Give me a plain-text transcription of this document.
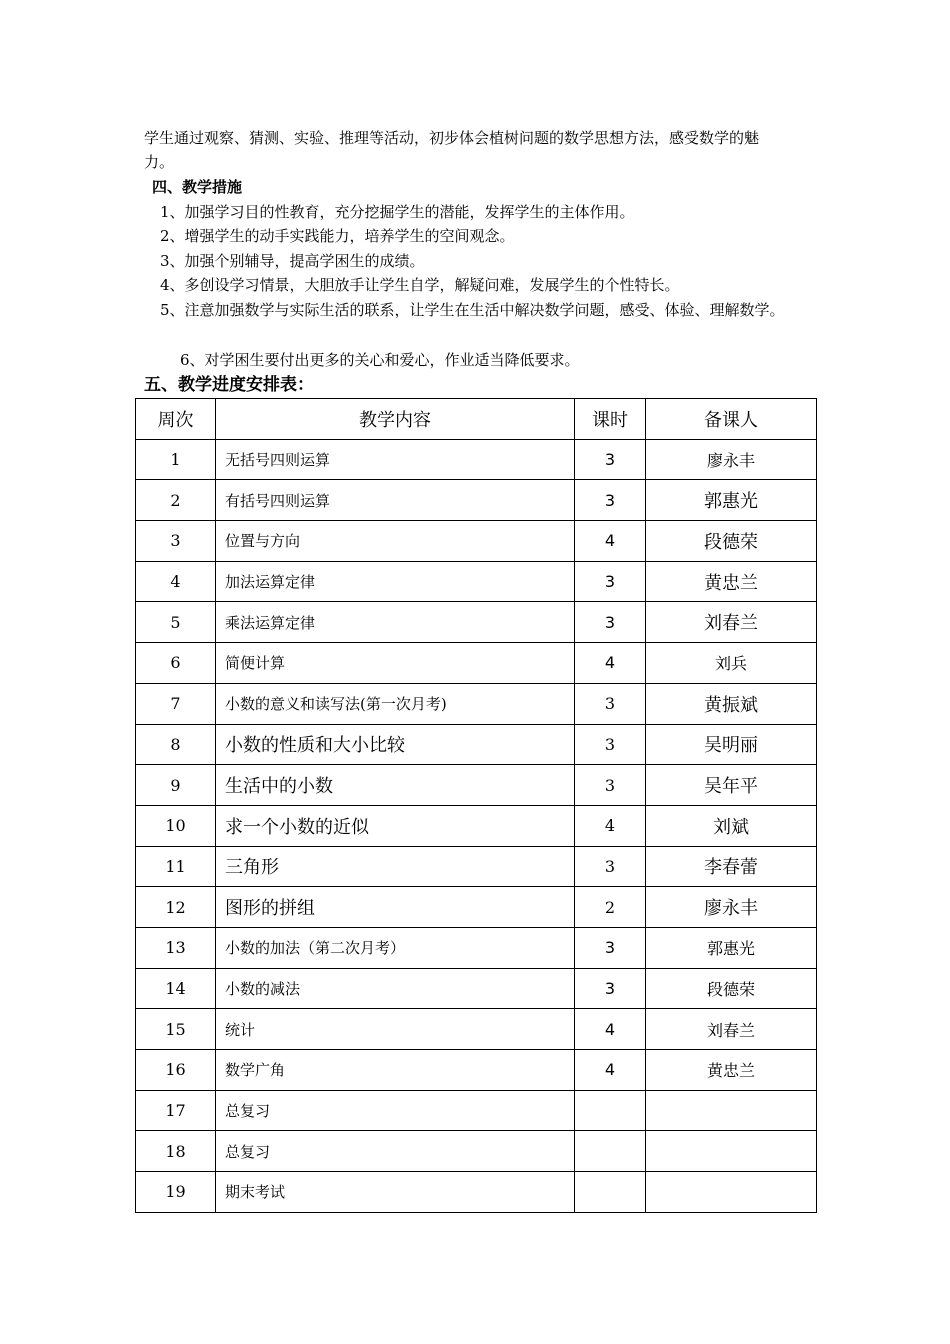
学生通过观察、猜测、实验、推理等活动，初步体会植树问题的数学思想方法，感受数学的魅
力。
四、教学措施
1、加强学习目的性教育，充分挖掘学生的潜能，发挥学生的主体作用。
2、增强学生的动手实践能力，培养学生的空间观念。
3、加强个别辅导，提高学困生的成绩。
4、多创设学习情景，大胆放手让学生自学，解疑问难，发展学生的个性特长。
5、注意加强数学与实际生活的联系，让学生在生活中解决数学问题，感受、体验、理解数学。
6、对学困生要付出更多的关心和爱心，作业适当降低要求。
五、教学进度安排表：
周次	教学内容	课时	备课人
1	无括号四则运算	3	廖永丰
2	有括号四则运算	3	郭惠光
3	位置与方向	4	段德荣
4	加法运算定律	3	黄忠兰
5	乘法运算定律	3	刘春兰
6	简便计算	4	刘兵
7	小数的意义和读写法(第一次月考)	3	黄振斌
8	小数的性质和大小比较	3	吴明丽
9	生活中的小数	3	吴年平
10	求一个小数的近似	4	刘斌
11	三角形	3	李春蕾
12	图形的拼组	2	廖永丰
13	小数的加法（第二次月考）	3	郭惠光
14	小数的减法	3	段德荣
15	统计	4	刘春兰
16	数学广角	4	黄忠兰
17	总复习		
18	总复习		
19	期末考试		
